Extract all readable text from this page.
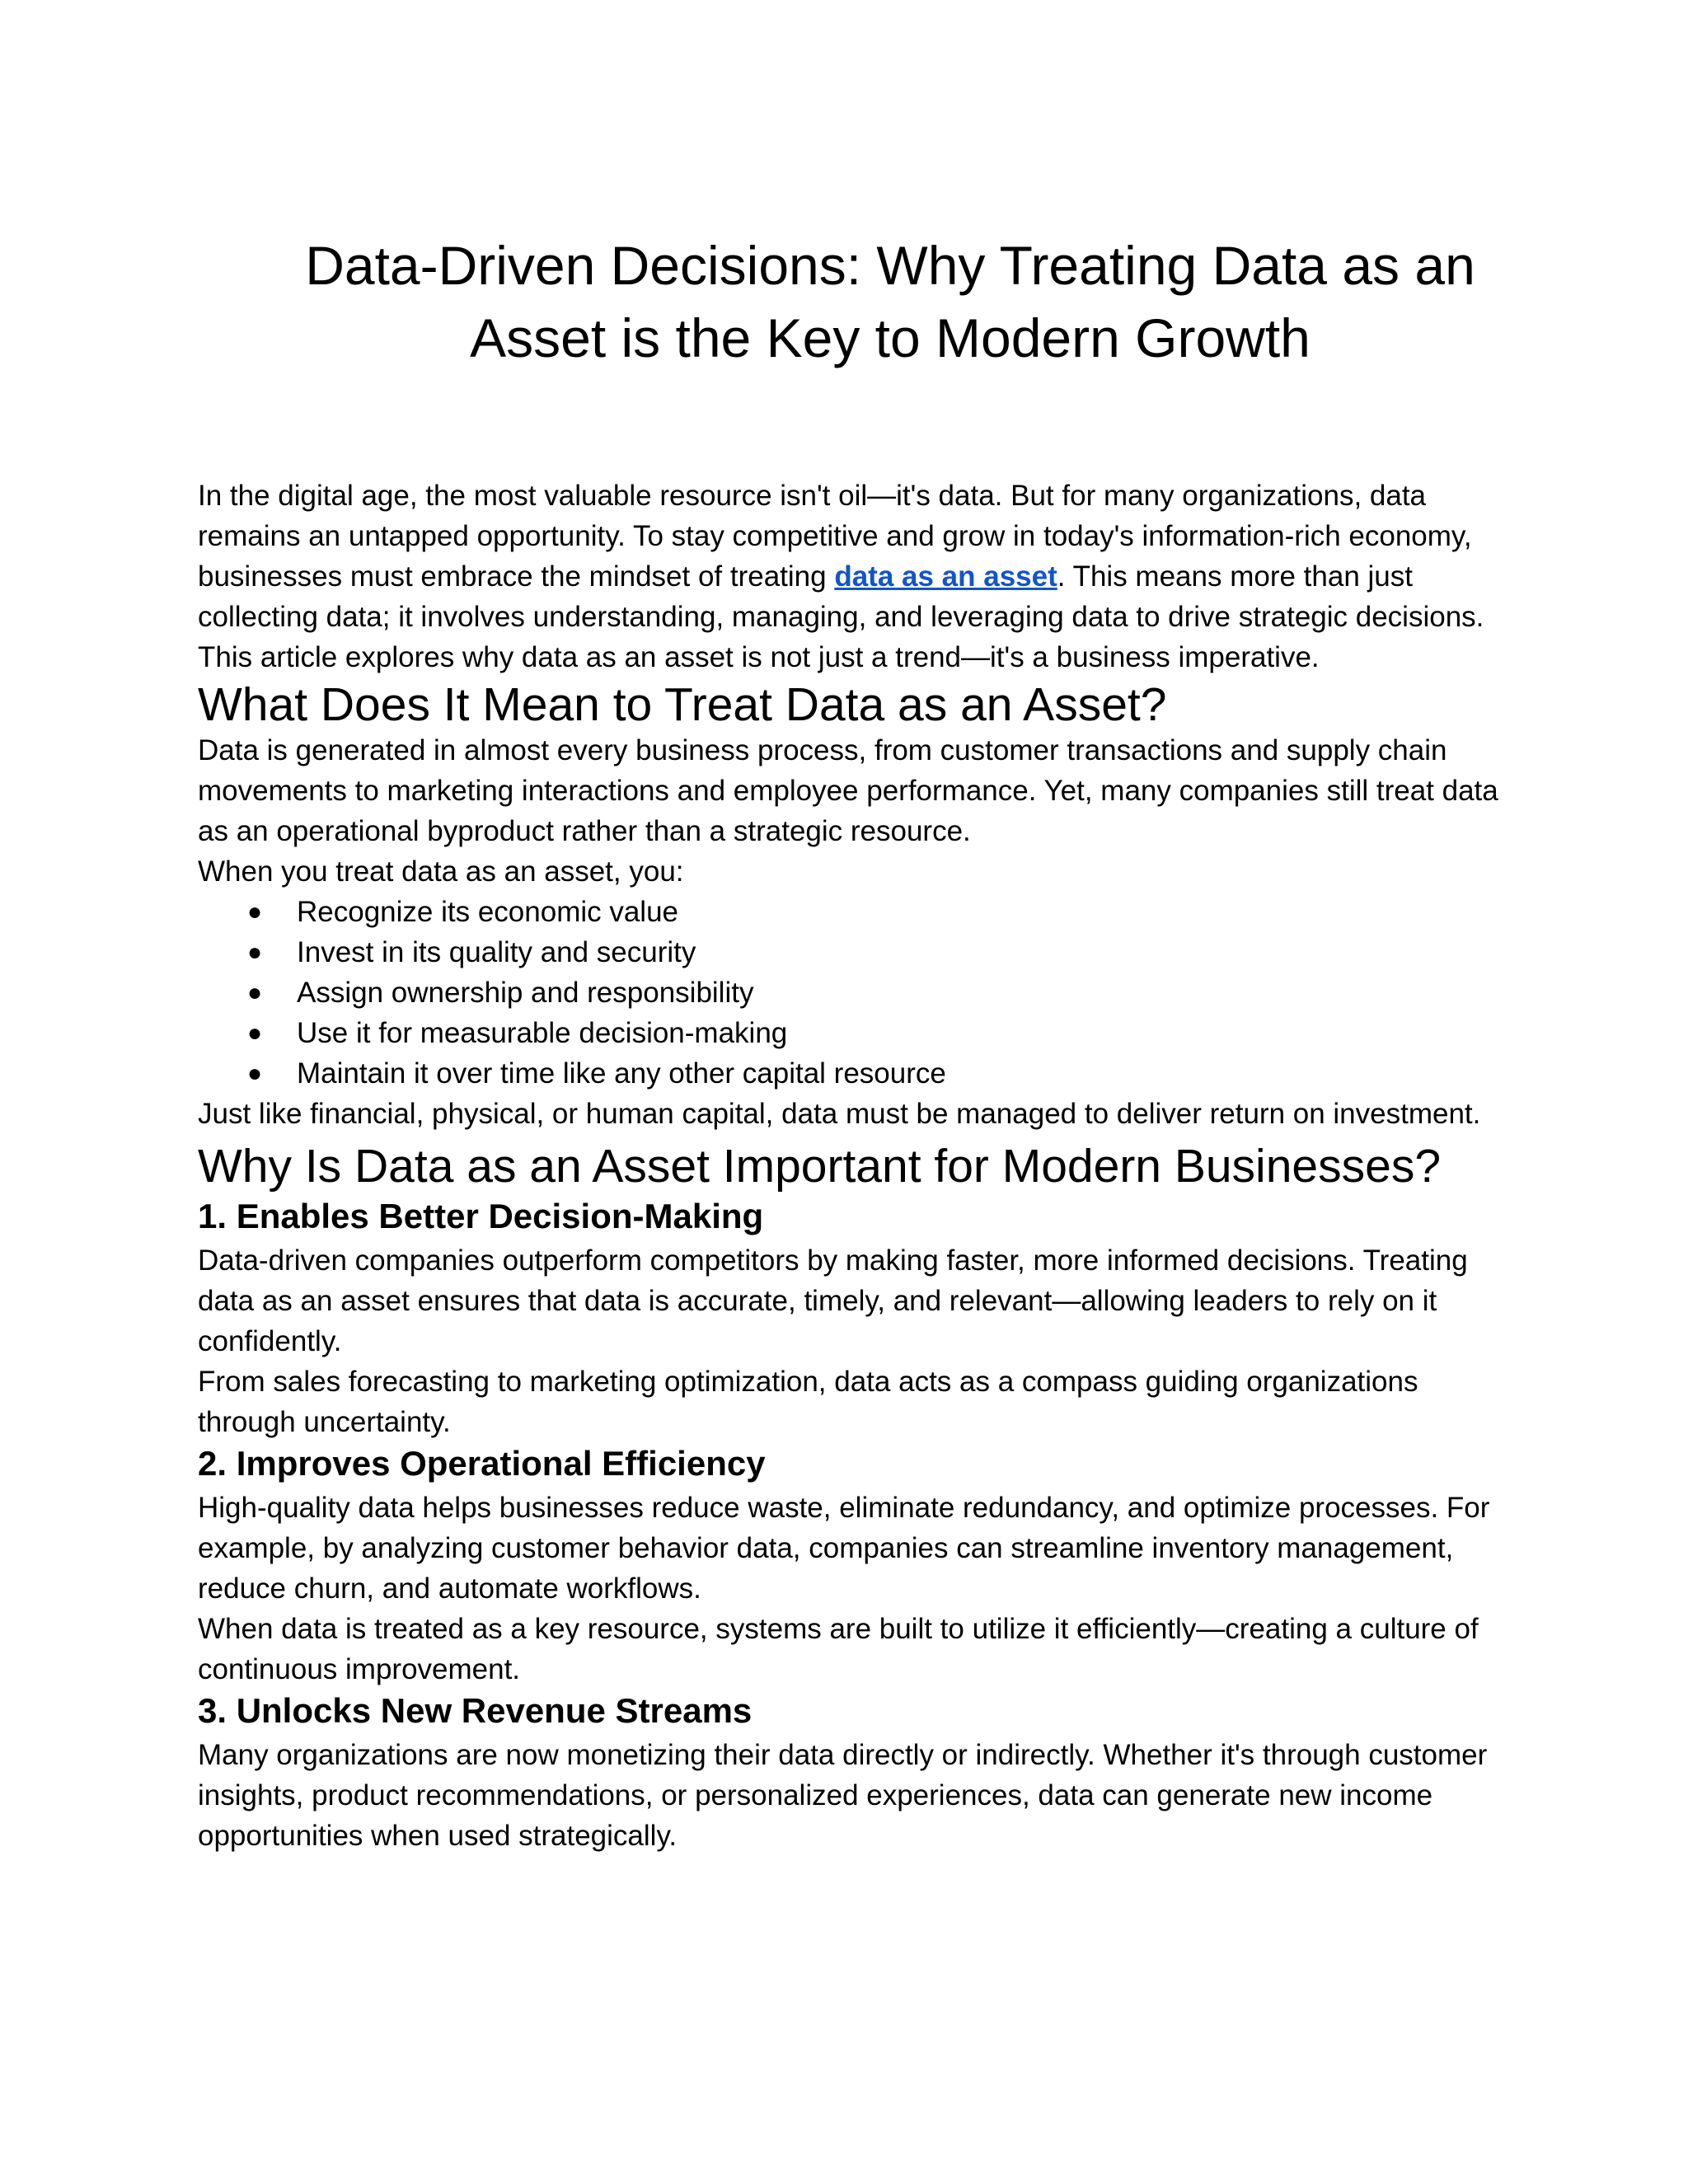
Data-Driven Decisions: Why Treating Data as an Asset is the Key to Modern Growth

In the digital age, the most valuable resource isn't oil—it's data. But for many organizations, data remains an untapped opportunity. To stay competitive and grow in today's information-rich economy, businesses must embrace the mindset of treating data as an asset. This means more than just collecting data; it involves understanding, managing, and leveraging data to drive strategic decisions.

This article explores why data as an asset is not just a trend—it's a business imperative.

What Does It Mean to Treat Data as an Asset?

Data is generated in almost every business process, from customer transactions and supply chain movements to marketing interactions and employee performance. Yet, many companies still treat data as an operational byproduct rather than a strategic resource.

When you treat data as an asset, you:

● Recognize its economic value
● Invest in its quality and security
● Assign ownership and responsibility
● Use it for measurable decision-making
● Maintain it over time like any other capital resource

Just like financial, physical, or human capital, data must be managed to deliver return on investment.

Why Is Data as an Asset Important for Modern Businesses?
1. Enables Better Decision-Making

Data-driven companies outperform competitors by making faster, more informed decisions. Treating data as an asset ensures that data is accurate, timely, and relevant—allowing leaders to rely on it confidently.

From sales forecasting to marketing optimization, data acts as a compass guiding organizations through uncertainty.

2. Improves Operational Efficiency

High-quality data helps businesses reduce waste, eliminate redundancy, and optimize processes. For example, by analyzing customer behavior data, companies can streamline inventory management, reduce churn, and automate workflows.

When data is treated as a key resource, systems are built to utilize it efficiently—creating a culture of continuous improvement.

3. Unlocks New Revenue Streams

Many organizations are now monetizing their data directly or indirectly. Whether it's through customer insights, product recommendations, or personalized experiences, data can generate new income opportunities when used strategically.
